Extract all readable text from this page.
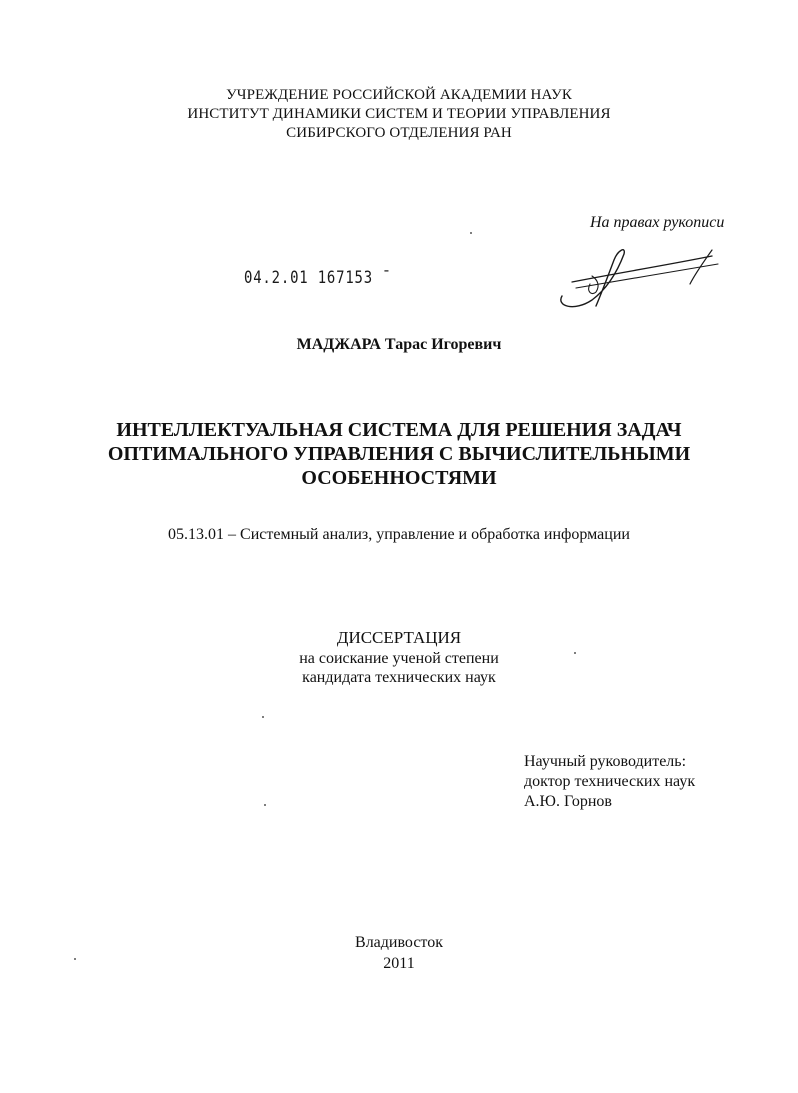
УЧРЕЖДЕНИЕ РОССИЙСКОЙ АКАДЕМИИ НАУК
ИНСТИТУТ ДИНАМИКИ СИСТЕМ И ТЕОРИИ УПРАВЛЕНИЯ
СИБИРСКОГО ОТДЕЛЕНИЯ РАН
На правах рукописи
04.2.01 167153 ˉ
МАДЖАРА Тарас Игоревич
ИНТЕЛЛЕКТУАЛЬНАЯ СИСТЕМА ДЛЯ РЕШЕНИЯ ЗАДАЧ
ОПТИМАЛЬНОГО УПРАВЛЕНИЯ С ВЫЧИСЛИТЕЛЬНЫМИ
ОСОБЕННОСТЯМИ
05.13.01 – Системный анализ, управление и обработка информации
ДИССЕРТАЦИЯ
на соискание ученой степени
кандидата технических наук
Научный руководитель:
доктор технических наук
А.Ю. Горнов
Владивосток
2011
